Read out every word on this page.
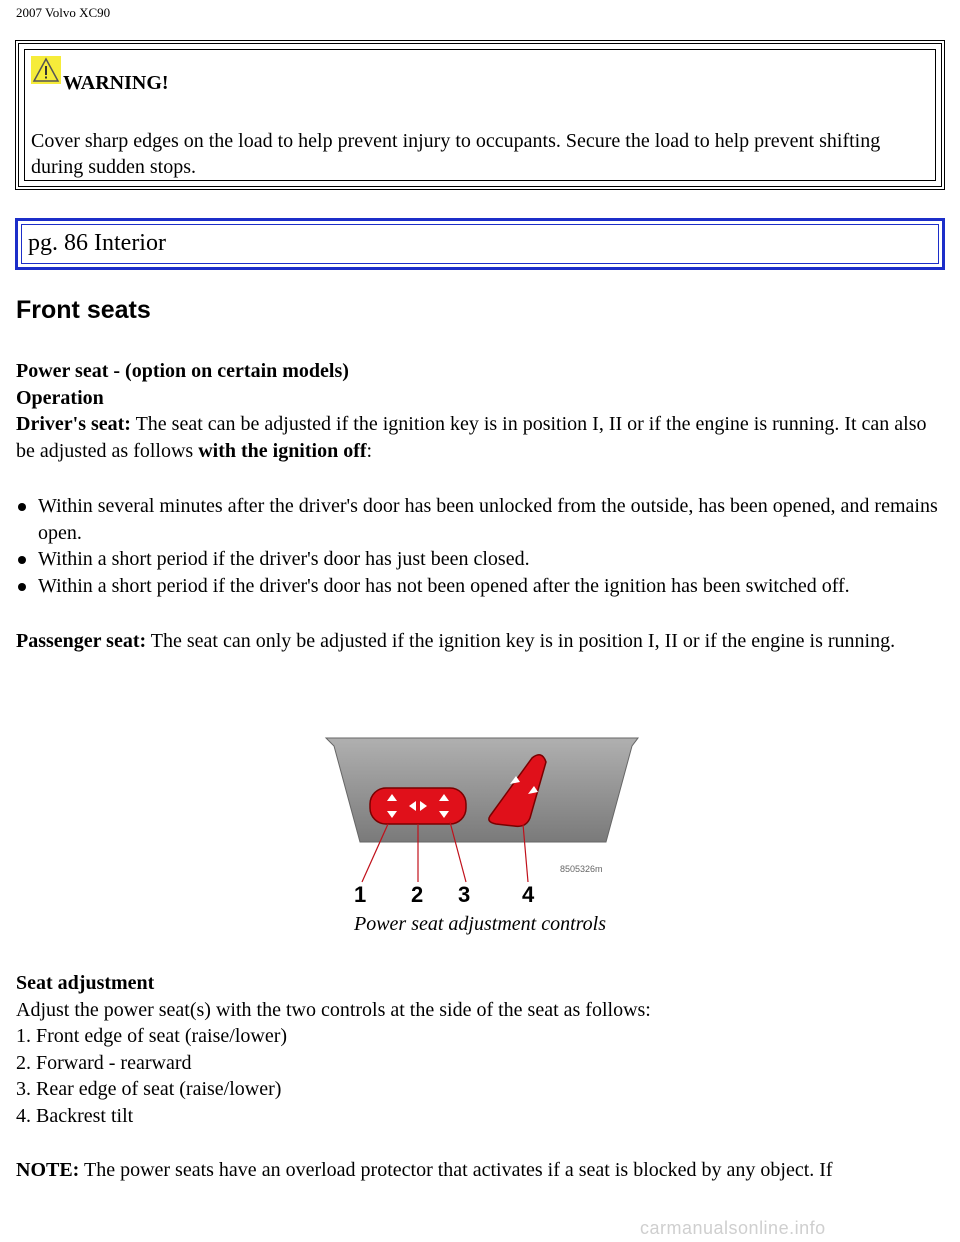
2007 Volvo XC90
WARNING!
Cover sharp edges on the load to help prevent injury to occupants. Secure the load to help prevent shifting during sudden stops.
pg. 86 Interior
Front seats
Power seat - (option on certain models)
Operation
Driver's seat: The seat can be adjusted if the ignition key is in position I, II or if the engine is running. It can also be adjusted as follows with the ignition off:
Within several minutes after the driver's door has been unlocked from the outside, has been opened, and remains open.
Within a short period if the driver's door has just been closed.
Within a short period if the driver's door has not been opened after the ignition has been switched off.
Passenger seat: The seat can only be adjusted if the ignition key is in position I, II or if the engine is running.
8505326m
1 2 3 4
Power seat adjustment controls
Seat adjustment
Adjust the power seat(s) with the two controls at the side of the seat as follows:
1. Front edge of seat (raise/lower)
2. Forward - rearward
3. Rear edge of seat (raise/lower)
4. Backrest tilt
NOTE: The power seats have an overload protector that activates if a seat is blocked by any object. If
carmanualsonline.info
